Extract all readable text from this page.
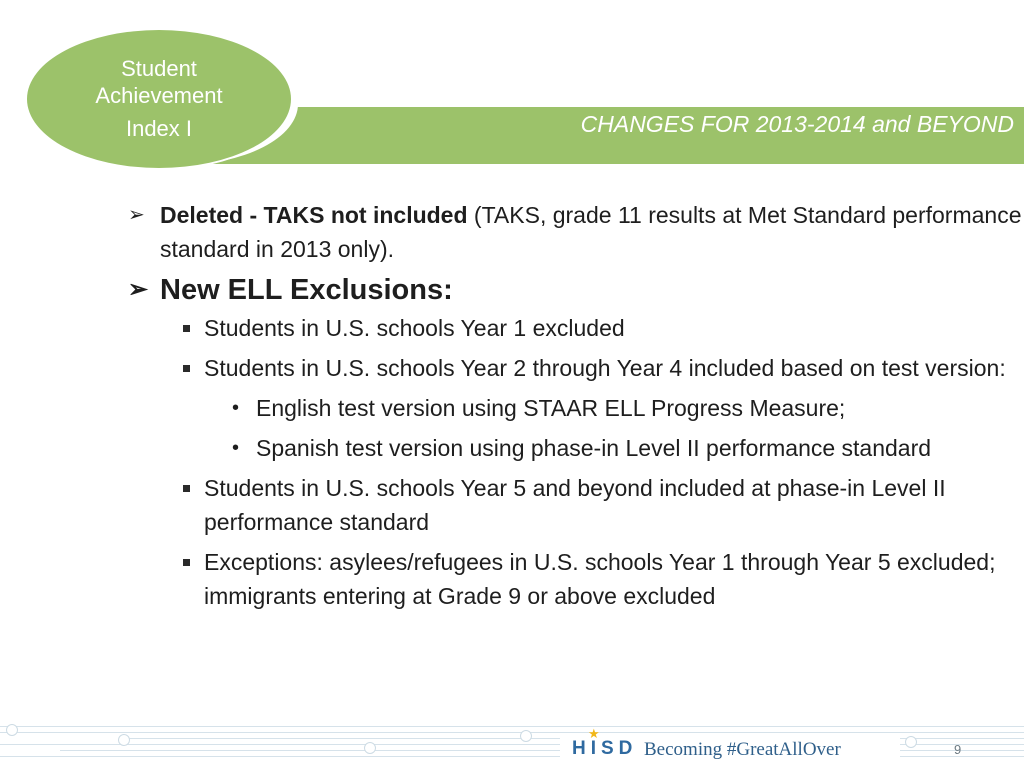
CHANGES FOR 2013-2014 and BEYOND
Student
Achievement
Index I
➢ Deleted - TAKS not included (TAKS, grade 11 results at Met Standard performance standard in 2013 only).
➢ New ELL Exclusions:
Students in U.S. schools Year 1 excluded
Students in U.S. schools Year 2 through Year 4 included based on test version:
• English test version using STAAR ELL Progress Measure;
• Spanish test version using phase-in Level II performance standard
Students in U.S. schools Year 5 and beyond included at phase-in Level II performance standard
Exceptions: asylees/refugees in U.S. schools Year 1 through Year 5 excluded; immigrants entering at Grade 9 or above excluded
★
HISD Becoming #GreatAllOver	9
